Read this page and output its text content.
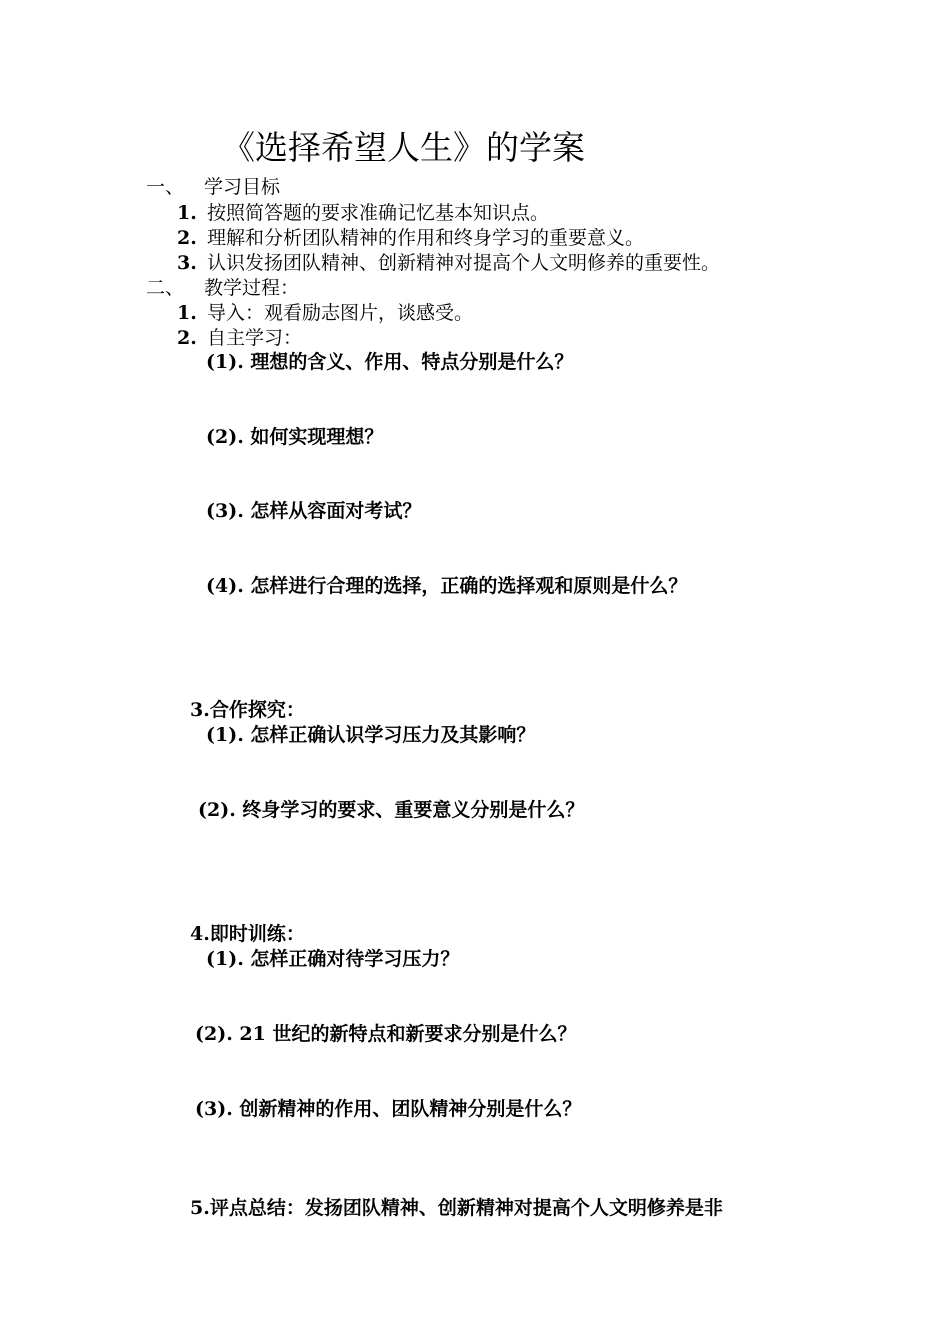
《选择希望人生》的学案
一、 学习目标
1. 按照简答题的要求准确记忆基本知识点。
2. 理解和分析团队精神的作用和终身学习的重要意义。
3. 认识发扬团队精神、创新精神对提高个人文明修养的重要性。
二、 教学过程：
1. 导入：观看励志图片，谈感受。
2. 自主学习：
(1). 理想的含义、作用、特点分别是什么？
(2). 如何实现理想？
(3). 怎样从容面对考试？
(4). 怎样进行合理的选择，正确的选择观和原则是什么？
3.合作探究：
(1). 怎样正确认识学习压力及其影响？
(2). 终身学习的要求、重要意义分别是什么？
4.即时训练：
(1). 怎样正确对待学习压力？
(2). 21 世纪的新特点和新要求分别是什么？
(3). 创新精神的作用、团队精神分别是什么？
5.评点总结：发扬团队精神、创新精神对提高个人文明修养是非
